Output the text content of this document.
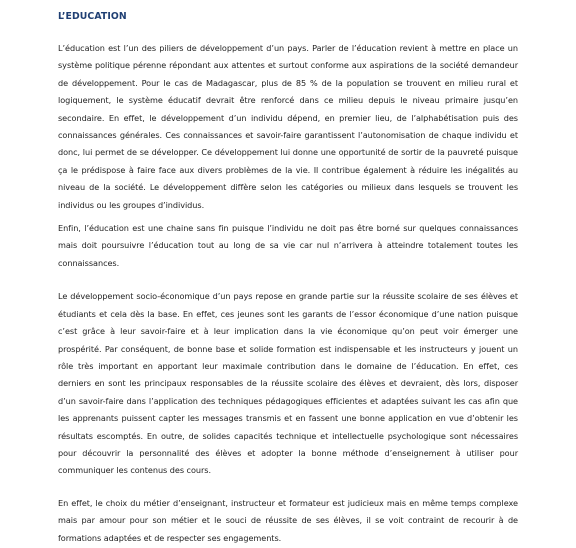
L’EDUCATION

L’éducation est l’un des piliers de développement d’un pays. Parler de l’éducation revient à mettre en place un système politique pérenne répondant aux attentes et surtout conforme aux aspirations de la société demandeur de développement. Pour le cas de Madagascar, plus de 85 % de la population se trouvent en milieu rural et logiquement, le système éducatif devrait être renforcé dans ce milieu depuis le niveau primaire jusqu’en secondaire. En effet, le développement d’un individu dépend, en premier lieu, de l’alphabétisation puis des connaissances générales. Ces connaissances et savoir-faire garantissent l’autonomisation de chaque individu et donc, lui permet de se développer. Ce développement lui donne une opportunité de sortir de la pauvreté puisque ça le prédispose à faire face aux divers problèmes de la vie. Il contribue également à réduire les inégalités au niveau de la société. Le développement diffère selon les catégories ou milieux dans lesquels se trouvent les individus ou les groupes d’individus.

Enfin, l’éducation est une chaine sans fin puisque l’individu ne doit pas être borné sur quelques connaissances mais doit poursuivre l’éducation tout au long de sa vie car nul n’arrivera à atteindre totalement toutes les connaissances.

Le développement socio-économique d’un pays repose en grande partie sur la réussite scolaire de ses élèves et étudiants et cela dès la base. En effet, ces jeunes sont les garants de l’essor économique d’une nation puisque c’est grâce à leur savoir-faire et à leur implication dans la vie économique qu’on peut voir émerger une prospérité. Par conséquent, de bonne base et solide formation est indispensable et les instructeurs y jouent un rôle très important en apportant leur maximale contribution dans le domaine de l’éducation. En effet, ces derniers en sont les principaux responsables de la réussite scolaire des élèves et devraient, dès lors, disposer d’un savoir-faire dans l’application des techniques pédagogiques efficientes et adaptées suivant les cas afin que les apprenants puissent capter les messages transmis et en fassent une bonne application en vue d’obtenir les résultats escomptés. En outre, de solides capacités technique et intellectuelle psychologique sont nécessaires pour découvrir la personnalité des élèves et adopter la bonne méthode d’enseignement à utiliser pour communiquer les contenus des cours.

En effet, le choix du métier d’enseignant, instructeur et formateur est judicieux mais en même temps complexe mais par amour pour son métier et le souci de réussite de ses élèves, il se voit contraint de recourir à de formations adaptées et de respecter ses engagements.
